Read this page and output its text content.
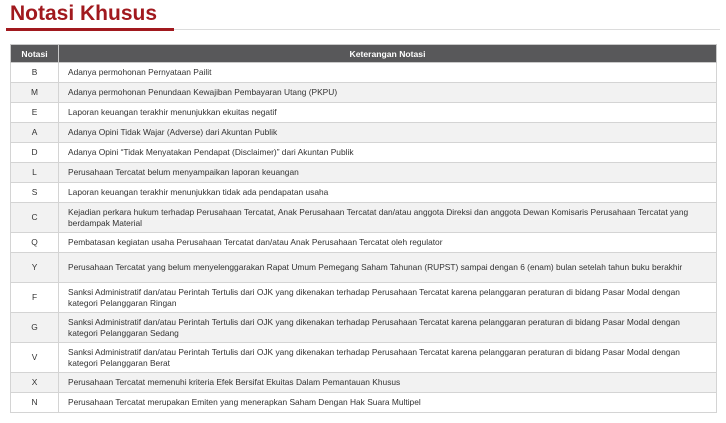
Notasi Khusus
Notasi	Keterangan Notasi
B	Adanya permohonan Pernyataan Pailit
M	Adanya permohonan Penundaan Kewajiban Pembayaran Utang (PKPU)
E	Laporan keuangan terakhir menunjukkan ekuitas negatif
A	Adanya Opini Tidak Wajar (Adverse) dari Akuntan Publik
D	Adanya Opini “Tidak Menyatakan Pendapat (Disclaimer)” dari Akuntan Publik
L	Perusahaan Tercatat belum menyampaikan laporan keuangan
S	Laporan keuangan terakhir menunjukkan tidak ada pendapatan usaha
C	Kejadian perkara hukum terhadap Perusahaan Tercatat, Anak Perusahaan Tercatat dan/atau anggota Direksi dan anggota Dewan Komisaris Perusahaan Tercatat yang berdampak Material
Q	Pembatasan kegiatan usaha Perusahaan Tercatat dan/atau Anak Perusahaan Tercatat oleh regulator
Y	Perusahaan Tercatat yang belum menyelenggarakan Rapat Umum Pemegang Saham Tahunan (RUPST) sampai dengan 6 (enam) bulan setelah tahun buku berakhir
F	Sanksi Administratif dan/atau Perintah Tertulis dari OJK yang dikenakan terhadap Perusahaan Tercatat karena pelanggaran peraturan di bidang Pasar Modal dengan kategori Pelanggaran Ringan
G	Sanksi Administratif dan/atau Perintah Tertulis dari OJK yang dikenakan terhadap Perusahaan Tercatat karena pelanggaran peraturan di bidang Pasar Modal dengan kategori Pelanggaran Sedang
V	Sanksi Administratif dan/atau Perintah Tertulis dari OJK yang dikenakan terhadap Perusahaan Tercatat karena pelanggaran peraturan di bidang Pasar Modal dengan kategori Pelanggaran Berat
X	Perusahaan Tercatat memenuhi kriteria Efek Bersifat Ekuitas Dalam Pemantauan Khusus
N	Perusahaan Tercatat merupakan Emiten yang menerapkan Saham Dengan Hak Suara Multipel
